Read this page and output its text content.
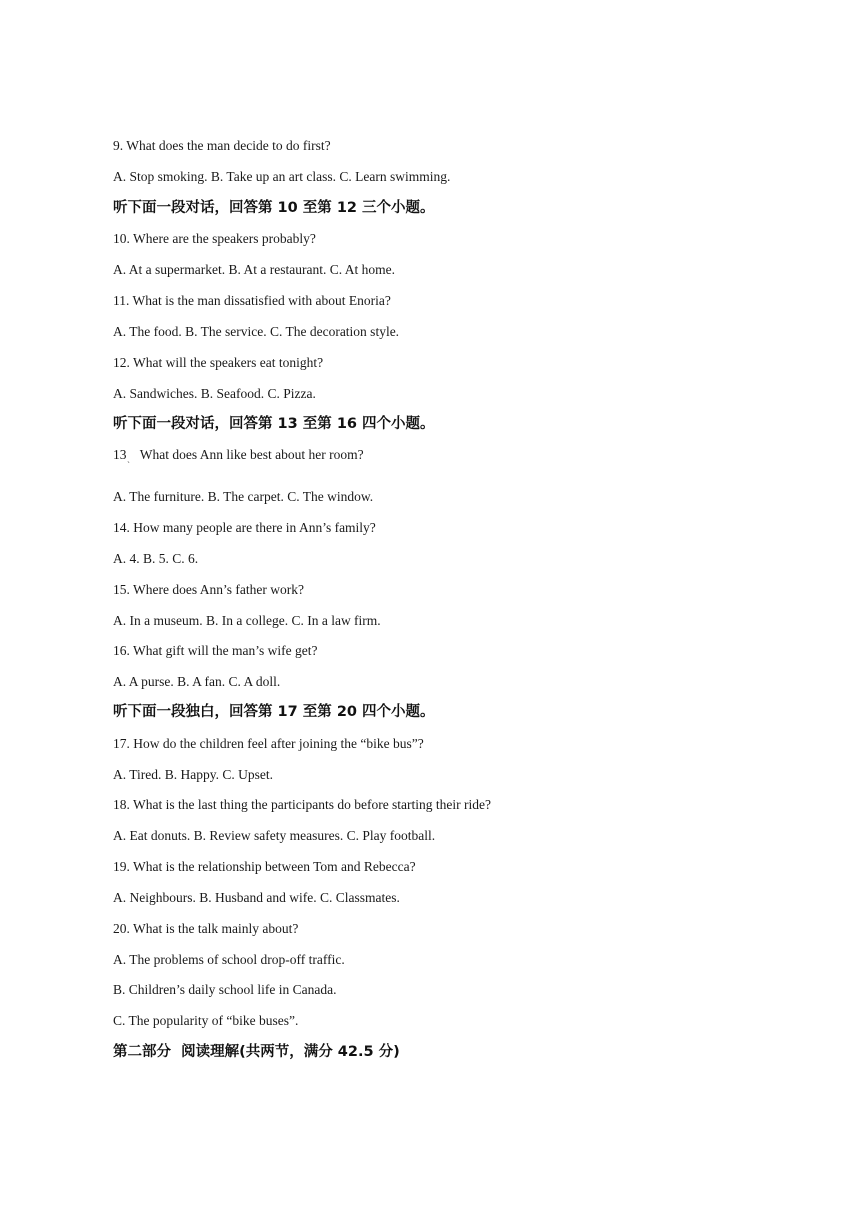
9. What does the man decide to do first?
A. Stop smoking. B. Take up an art class. C. Learn swimming.
听下面一段对话，回答第 10 至第 12 三个小题。
10. Where are the speakers probably?
A. At a supermarket. B. At a restaurant. C. At home.
11. What is the man dissatisfied with about Enoria?
A. The food. B. The service. C. The decoration style.
12. What will the speakers eat tonight?
A. Sandwiches. B. Seafood. C. Pizza.
听下面一段对话，回答第 13 至第 16 四个小题。
13    What does Ann like best about her room?
`
A. The furniture. B. The carpet. C. The window.
14. How many people are there in Ann’s family?
A. 4. B. 5. C. 6.
15. Where does Ann’s father work?
A. In a museum. B. In a college. C. In a law firm.
16. What gift will the man’s wife get?
A. A purse. B. A fan. C. A doll.
听下面一段独白，回答第 17 至第 20 四个小题。
17. How do the children feel after joining the “bike bus”?
A. Tired. B. Happy. C. Upset.
18. What is the last thing the participants do before starting their ride?
A. Eat donuts. B. Review safety measures. C. Play football.
19. What is the relationship between Tom and Rebecca?
A. Neighbours. B. Husband and wife. C. Classmates.
20. What is the talk mainly about?
A. The problems of school drop-off traffic.
B. Children’s daily school life in Canada.
C. The popularity of “bike buses”.
第二部分  阅读理解(共两节，满分 42.5 分)
